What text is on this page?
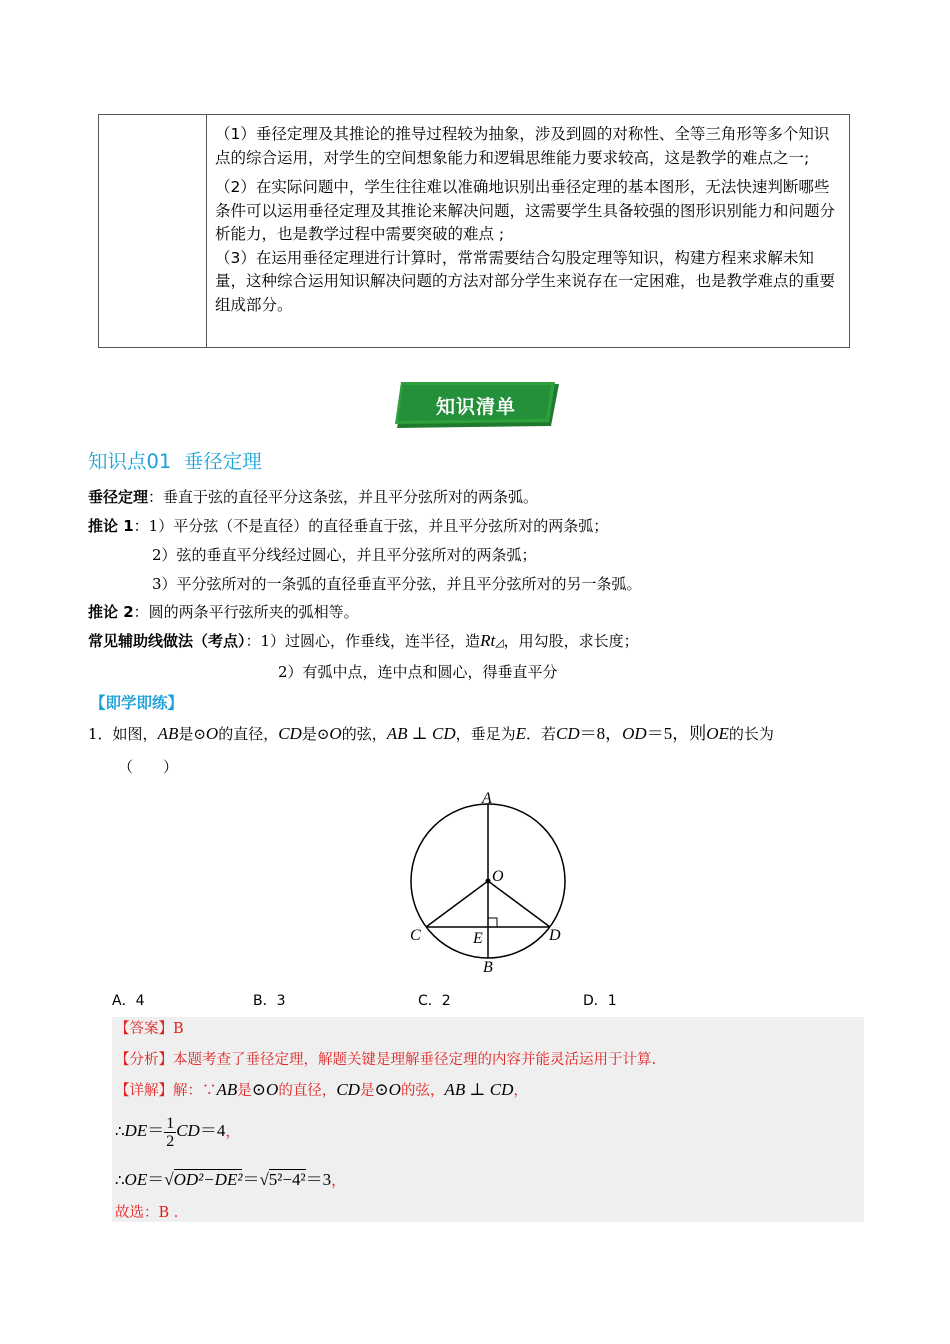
（1）垂径定理及其推论的推导过程较为抽象，涉及到圆的对称性、全等三角形等多个知识点的综合运用，对学生的空间想象能力和逻辑思维能力要求较高，这是教学的难点之一;

（2）在实际问题中，学生往往难以准确地识别出垂径定理的基本图形，无法快速判断哪些条件可以运用垂径定理及其推论来解决问题，这需要学生具备较强的图形识别能力和问题分析能力，也是教学过程中需要突破的难点 ;

（3）在运用垂径定理进行计算时，常常需要结合勾股定理等知识，构建方程来求解未知量，这种综合运用知识解决问题的方法对部分学生来说存在一定困难，也是教学难点的重要组成部分。

知识清单
知识点01 垂径定理
垂径定理：垂直于弦的直径平分这条弦，并且平分弦所对的两条弧。
推论 1：1）平分弦（不是直径）的直径垂直于弦，并且平分弦所对的两条弧；
2）弦的垂直平分线经过圆心，并且平分弦所对的两条弧；
3）平分弦所对的一条弧的直径垂直平分弦，并且平分弦所对的另一条弧。
推论 2：圆的两条平行弦所夹的弧相等。
常见辅助线做法（考点）：1）过圆心，作垂线，连半径，造Rt◿，用勾股，求长度；
2）有弧中点，连中点和圆心，得垂直平分
【即学即练】
1．如图，AB是⊙O的直径，CD是⊙O的弦，AB ⊥ CD，垂足为E．若CD＝8，OD＝5，则OE的长为
（　　）
A
O
C	E	D
B
A．4	B．3	C．2	D．1
【答案】B
【分析】本题考查了垂径定理，解题关键是理解垂径定理的内容并能灵活运用于计算.
【详解】解：∵AB是⊙O的直径，CD是⊙O的弦，AB ⊥ CD，
∴DE＝ $\frac{1}{2} CD=4$，
∴OE＝√OD²−DE²＝√5²−4²＝3，
故选：B ．
